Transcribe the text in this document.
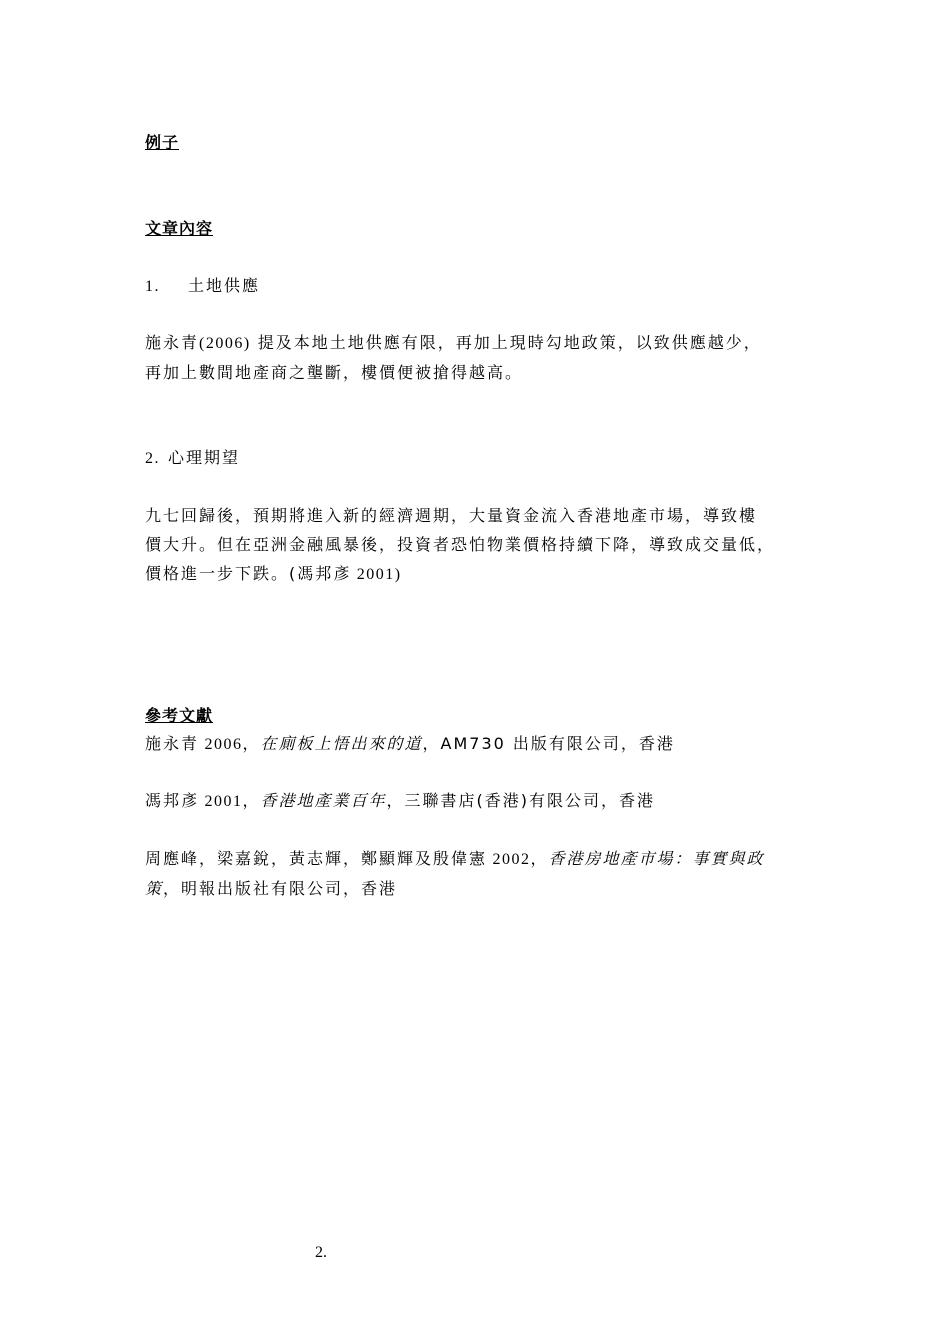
例子
文章內容
1. 土地供應
施永青(2006) 提及本地土地供應有限，再加上現時勾地政策，以致供應越少，
再加上數間地產商之壟斷，樓價便被搶得越高。
2. 心理期望
九七回歸後，預期將進入新的經濟週期，大量資金流入香港地產市場，導致樓
價大升。但在亞洲金融風暴後，投資者恐怕物業價格持續下降，導致成交量低，
價格進一步下跌。(馮邦彥 2001)
參考文獻
施永青 2006，在廁板上悟出來的道，AM730 出版有限公司，香港
馮邦彥 2001，香港地產業百年，三聯書店(香港)有限公司，香港
周應峰，梁嘉銳，黃志輝，鄭顯輝及殷偉憲 2002，香港房地產市場：事實與政
策，明報出版社有限公司，香港
2.
